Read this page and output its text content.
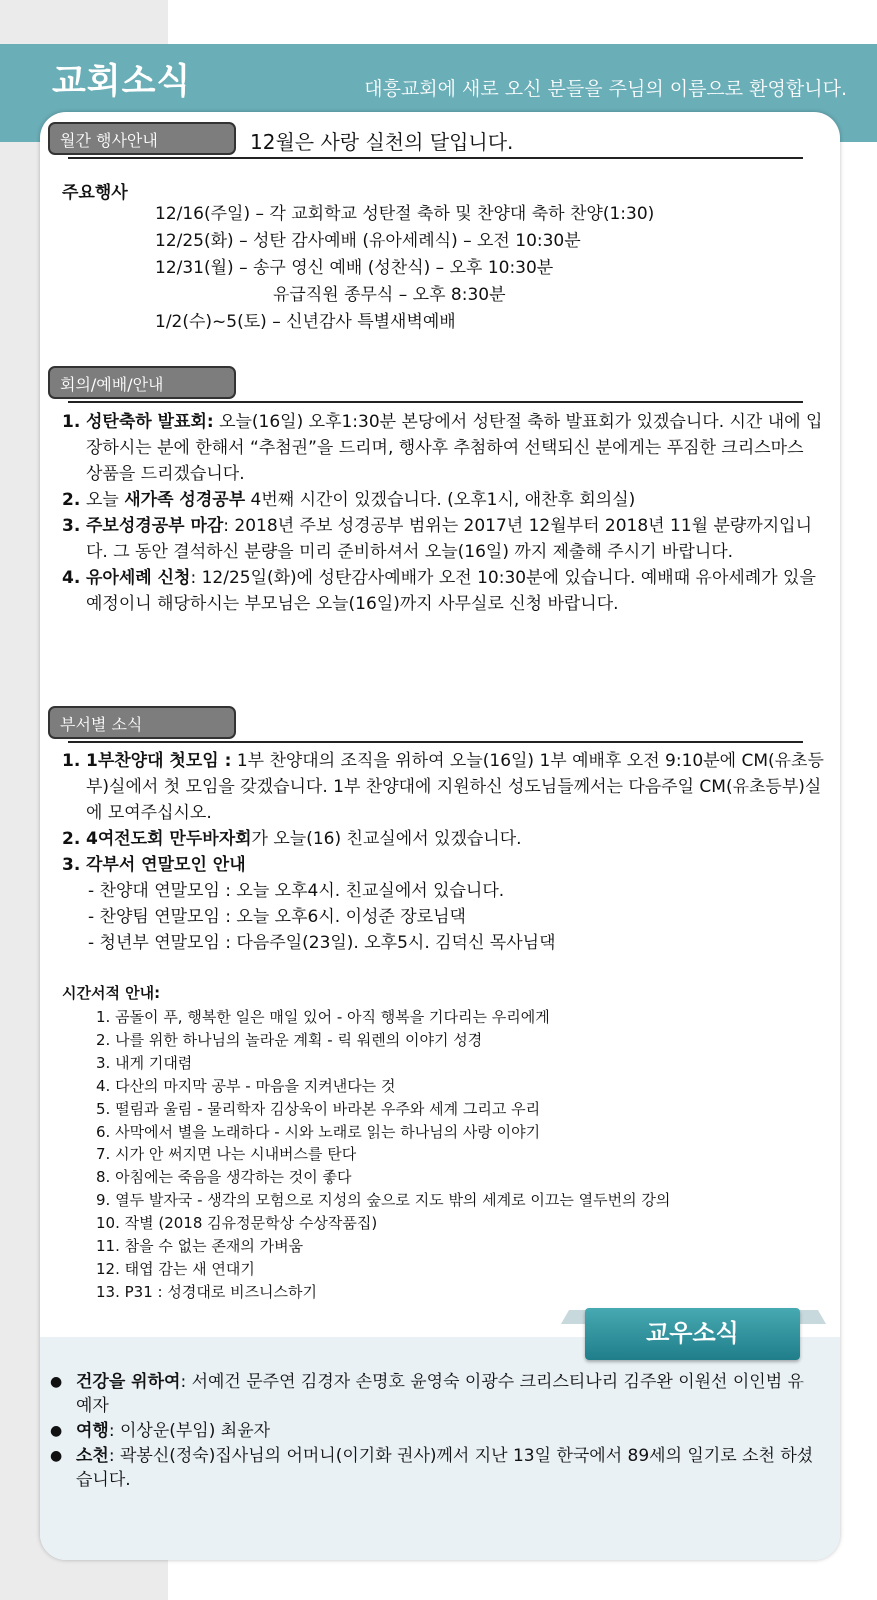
교회소식	대흥교회에 새로 오신 분들을 주님의 이름으로 환영합니다.
월간 행사안내	12월은 사랑 실천의 달입니다.
주요행사
12/16(주일) – 각 교회학교 성탄절 축하 및 찬양대 축하 찬양(1:30)
12/25(화) – 성탄 감사예배 (유아세례식) – 오전 10:30분
12/31(월) – 송구 영신 예배 (성찬식) – 오후 10:30분
유급직원 종무식 – 오후 8:30분
1/2(수)~5(토) – 신년감사 특별새벽예배
회의/예배/안내
1. 성탄축하 발표회: 오늘(16일) 오후1:30분 본당에서 성탄절 축하 발표회가 있겠습니다. 시간 내에 입장하시는 분에 한해서 “추첨권”을 드리며, 행사후 추첨하여 선택되신 분에게는 푸짐한 크리스마스 상품을 드리겠습니다.
2. 오늘 새가족 성경공부 4번째 시간이 있겠습니다. (오후1시, 애찬후 회의실)
3. 주보성경공부 마감: 2018년 주보 성경공부 범위는 2017년 12월부터 2018년 11월 분량까지입니다. 그 동안 결석하신 분량을 미리 준비하셔서 오늘(16일) 까지 제출해 주시기 바랍니다.
4. 유아세례 신청: 12/25일(화)에 성탄감사예배가 오전 10:30분에 있습니다. 예배때 유아세례가 있을 예정이니 해당하시는 부모님은 오늘(16일)까지 사무실로 신청 바랍니다.
부서별 소식
1. 1부찬양대 첫모임 : 1부 찬양대의 조직을 위하여 오늘(16일) 1부 예배후 오전 9:10분에 CM(유초등부)실에서 첫 모임을 갖겠습니다. 1부 찬양대에 지원하신 성도님들께서는 다음주일 CM(유초등부)실에 모여주십시오.
2. 4여전도회 만두바자회가 오늘(16) 친교실에서 있겠습니다.
3. 각부서 연말모인 안내
- 찬양대 연말모임 : 오늘 오후4시. 친교실에서 있습니다.
- 찬양팀 연말모임 : 오늘 오후6시. 이성준 장로님댁
- 청년부 연말모임 : 다음주일(23일). 오후5시. 김덕신 목사님댁
시간서적 안내:
1. 곰돌이 푸, 행복한 일은 매일 있어 - 아직 행복을 기다리는 우리에게
2. 나를 위한 하나님의 놀라운 계획 - 릭 워렌의 이야기 성경
3. 내게 기대렴
4. 다산의 마지막 공부 - 마음을 지켜낸다는 것
5. 떨림과 울림 - 물리학자 김상욱이 바라본 우주와 세계 그리고 우리
6. 사막에서 별을 노래하다 - 시와 노래로 읽는 하나님의 사랑 이야기
7. 시가 안 써지면 나는 시내버스를 탄다
8. 아침에는 죽음을 생각하는 것이 좋다
9. 열두 발자국 - 생각의 모험으로 지성의 숲으로 지도 밖의 세계로 이끄는 열두번의 강의
10. 작별 (2018 김유정문학상 수상작품집)
11. 참을 수 없는 존재의 가벼움
12. 태엽 감는 새 연대기
13. P31 : 성경대로 비즈니스하기
교우소식
● 건강을 위하여: 서예건 문주연 김경자 손명호 윤영숙 이광수 크리스티나리 김주완 이원선 이인범 유예자
● 여행: 이상운(부임) 최윤자
● 소천: 곽봉신(정숙)집사님의 어머니(이기화 권사)께서 지난 13일 한국에서 89세의 일기로 소천 하셨습니다.
